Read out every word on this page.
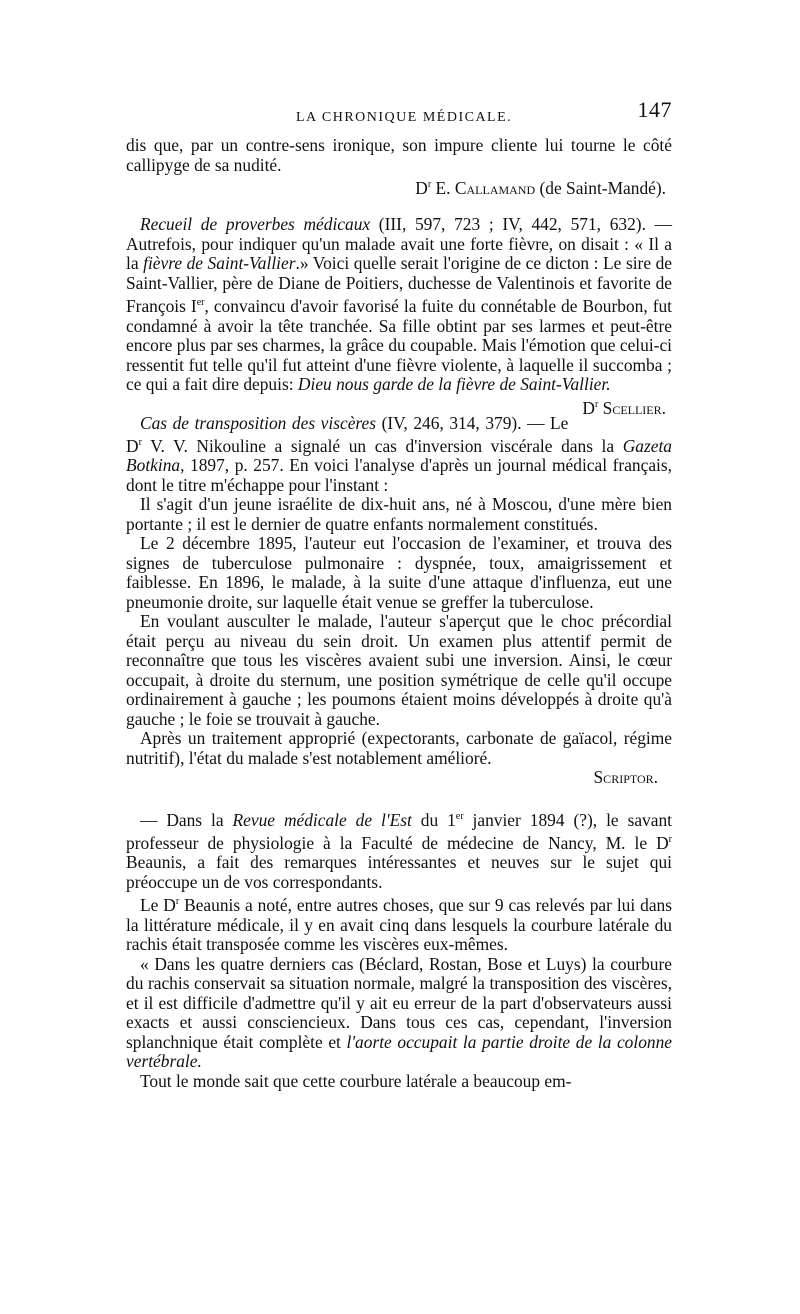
LA CHRONIQUE MÉDICALE.	147

dis que, par un contre-sens ironique, son impure cliente lui tourne le côté callipyge de sa nudité.

$D^r$ E. Callamand (de Saint-Mandé).

Recueil de proverbes médicaux (III, 597, 723 ; IV, 442, 571, 632). — Autrefois, pour indiquer qu'un malade avait une forte fièvre, on disait : « Il a la fièvre de Saint-Vallier.» Voici quelle serait l'origine de ce dicton : Le sire de Saint-Vallier, père de Diane de Poitiers, duchesse de Valentinois et favorite de François Ier, convaincu d'avoir favorisé la fuite du connétable de Bourbon, fut condamné à avoir la tête tranchée. Sa fille obtint par ses larmes et peut-être encore plus par ses charmes, la grâce du coupable. Mais l'émotion que celui-ci ressentit fut telle qu'il fut atteint d'une fièvre violente, à laquelle il succomba ; ce qui a fait dire depuis: Dieu nous garde de la fièvre de Saint-Vallier.
$D^r$ Scellier.

Cas de transposition des viscères (IV, 246, 314, 379). — Le $D^r$ V. V. Nikouline a signalé un cas d'inversion viscérale dans la Gazeta Botkina, 1897, p. 257. En voici l'analyse d'après un journal médical français, dont le titre m'échappe pour l'instant :

Il s'agit d'un jeune israélite de dix-huit ans, né à Moscou, d'une mère bien portante ; il est le dernier de quatre enfants normalement constitués.

Le 2 décembre 1895, l'auteur eut l'occasion de l'examiner, et trouva des signes de tuberculose pulmonaire : dyspnée, toux, amaigrissement et faiblesse. En 1896, le malade, à la suite d'une attaque d'influenza, eut une pneumonie droite, sur laquelle était venue se greffer la tuberculose.

En voulant ausculter le malade, l'auteur s'aperçut que le choc précordial était perçu au niveau du sein droit. Un examen plus attentif permit de reconnaître que tous les viscères avaient subi une inversion. Ainsi, le cœur occupait, à droite du sternum, une position symétrique de celle qu'il occupe ordinairement à gauche ; les poumons étaient moins développés à droite qu'à gauche ; le foie se trouvait à gauche.

Après un traitement approprié (expectorants, carbonate de gaïacol, régime nutritif), l'état du malade s'est notablement amélioré.

Scriptor.

— Dans la Revue médicale de l'Est du 1er janvier 1894 (?), le savant professeur de physiologie à la Faculté de médecine de Nancy, M. le $D^r$ Beaunis, a fait des remarques intéressantes et neuves sur le sujet qui préoccupe un de vos correspondants.

Le $D^r$ Beaunis a noté, entre autres choses, que sur 9 cas relevés par lui dans la littérature médicale, il y en avait cinq dans lesquels la courbure latérale du rachis était transposée comme les viscères eux-mêmes.

« Dans les quatre derniers cas (Béclard, Rostan, Bose et Luys) la courbure du rachis conservait sa situation normale, malgré la transposition des viscères, et il est difficile d'admettre qu'il y ait eu erreur de la part d'observateurs aussi exacts et aussi consciencieux. Dans tous ces cas, cependant, l'inversion splanchnique était complète et l'aorte occupait la partie droite de la colonne vertébrale.

Tout le monde sait que cette courbure latérale a beaucoup em-
